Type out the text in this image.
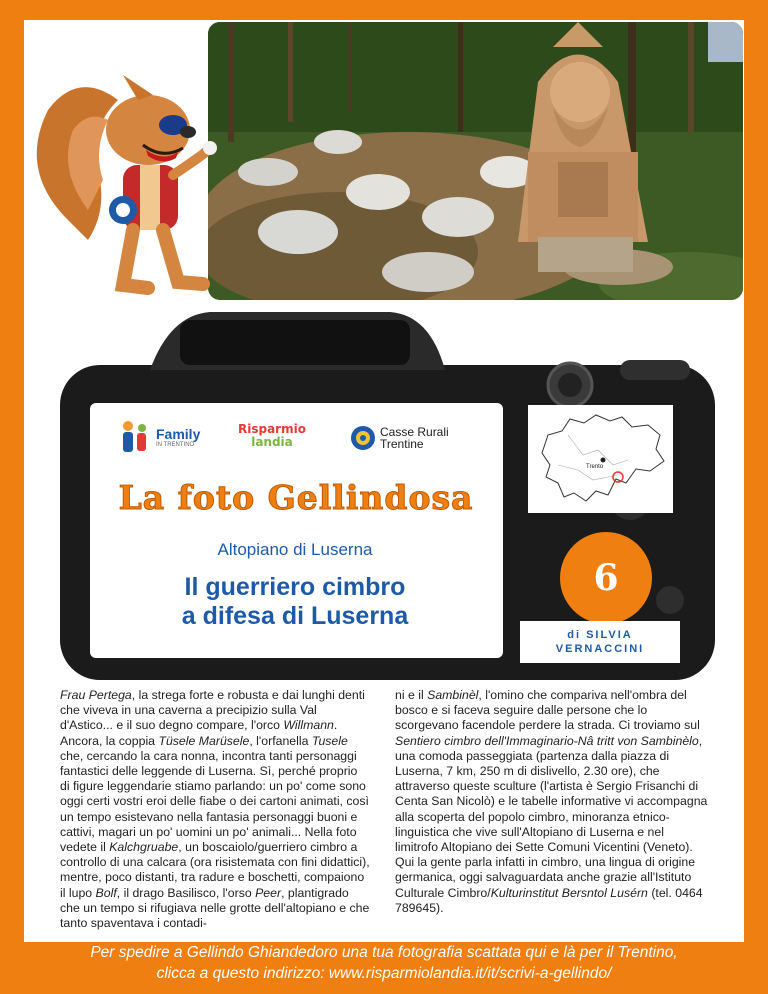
Family
IN TRENTINO
Risparmio
landia
Casse Rurali
Trentine
La foto Gellindosa
Altopiano di Luserna
Il guerriero cimbro
a difesa di Luserna
Trento
6
di SILVIA
VERNACCINI
Frau Pertega, la strega forte e robusta e dai lunghi denti che viveva in una caverna a precipizio sulla Val d'Astico... e il suo degno compare, l'orco Willmann. Ancora, la coppia Tüsele Marüsele, l'orfanella Tusele che, cercando la cara nonna, incontra tanti personaggi fantastici delle leggende di Luserna. Sì, perché proprio di figure leggendarie stiamo parlando: un po' come sono oggi certi vostri eroi delle fiabe o dei cartoni animati, così un tempo esistevano nella fantasia personaggi buoni e cattivi, magari un po' uomini un po' animali... Nella foto vedete il Kalchgruabe, un boscaiolo/guerriero cimbro a controllo di una calcara (ora risistemata con fini didattici), mentre, poco distanti, tra radure e boschetti, compaiono il lupo Bolf, il drago Basilisco, l'orso Peer, plantigrado che un tempo si rifugiava nelle grotte dell'altopiano e che tanto spaventava i contadi-
ni e il Sambinèl, l'omino che compariva nell'ombra del bosco e si faceva seguire dalle persone che lo scorgevano facendole perdere la strada. Ci troviamo sul Sentiero cimbro dell'Immaginario-Nâ tritt von Sambinèlo, una comoda passeggiata (partenza dalla piazza di Luserna, 7 km, 250 m di dislivello, 2.30 ore), che attraverso queste sculture (l'artista è Sergio Frisanchi di Centa San Nicolò) e le tabelle informative vi accompagna alla scoperta del popolo cimbro, minoranza etnico-linguistica che vive sull'Altopiano di Luserna e nel limitrofo Altopiano dei Sette Comuni Vicentini (Veneto). Qui la gente parla infatti in cimbro, una lingua di origine germanica, oggi salvaguardata anche grazie all'Istituto Culturale Cimbro/Kulturinstitut Bersntol Lusérn (tel. 0464 789645).
Per spedire a Gellindo Ghiandedoro una tua fotografia scattata qui e là per il Trentino,
clicca a questo indirizzo: www.risparmiolandia.it/it/scrivi-a-gellindo/
